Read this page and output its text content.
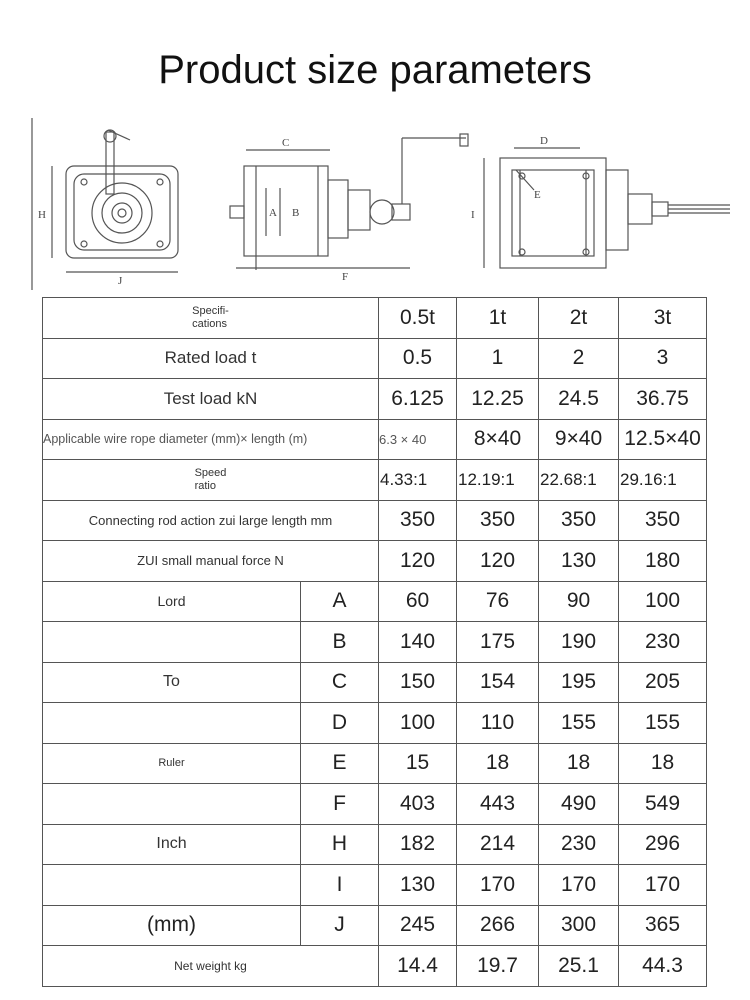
Product size parameters
H
J
C
A B
F
D
E
I
Specifi-
cations		0.5t	1t	2t	3t
Rated load t		0.5	1	2	3
Test load kN		6.125	12.25	24.5	36.75
Applicable wire rope diameter (mm)× length (m)		6.3 × 40	8×40	9×40	12.5×40
Speed
ratio		4.33:1	12.19:1	22.68:1	29.16:1
Connecting rod action zui large length mm		350	350	350	350
ZUI small manual force N		120	120	130	180
Lord	A	60	76	90	100
	B	140	175	190	230
To	C	150	154	195	205
	D	100	110	155	155
Ruler	E	15	18	18	18
	F	403	443	490	549
Inch	H	182	214	230	296
	I	130	170	170	170
(mm)	J	245	266	300	365
Net weight kg		14.4	19.7	25.1	44.3
